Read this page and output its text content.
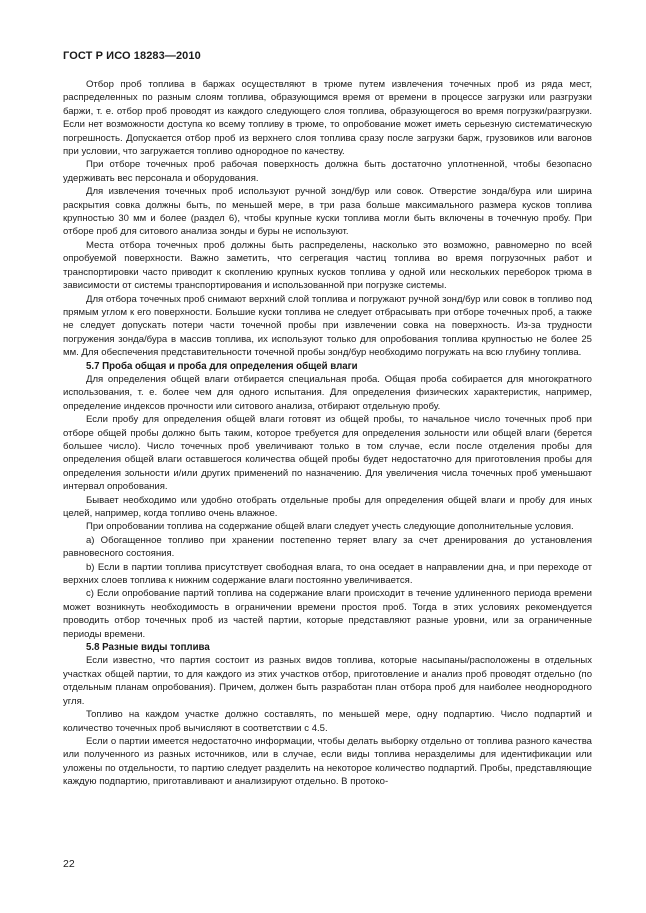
ГОСТ Р ИСО 18283—2010

Отбор проб топлива в баржах осуществляют в трюме путем извлечения точечных проб из ряда мест, распределенных по разным слоям топлива, образующимся время от времени в процессе загрузки или разгрузки баржи, т. е. отбор проб проводят из каждого следующего слоя топлива, образующегося во время погрузки/разгрузки. Если нет возможности доступа ко всему топливу в трюме, то опробование может иметь серьезную систематическую погрешность. Допускается отбор проб из верхнего слоя топлива сразу после загрузки барж, грузовиков или вагонов при условии, что загружается топливо однородное по качеству.

При отборе точечных проб рабочая поверхность должна быть достаточно уплотненной, чтобы безопасно удерживать вес персонала и оборудования.

Для извлечения точечных проб используют ручной зонд/бур или совок. Отверстие зонда/бура или ширина раскрытия совка должны быть, по меньшей мере, в три раза больше максимального размера кусков топлива крупностью 30 мм и более (раздел 6), чтобы крупные куски топлива могли быть включены в точечную пробу. При отборе проб для ситового анализа зонды и буры не используют.

Места отбора точечных проб должны быть распределены, насколько это возможно, равномерно по всей опробуемой поверхности. Важно заметить, что сегрегация частиц топлива во время погрузочных работ и транспортировки часто приводит к скоплению крупных кусков топлива у одной или нескольких переборок трюма в зависимости от системы транспортирования и использованной при погрузке системы.

Для отбора точечных проб снимают верхний слой топлива и погружают ручной зонд/бур или совок в топливо под прямым углом к его поверхности. Большие куски топлива не следует отбрасывать при отборе точечных проб, а также не следует допускать потери части точечной пробы при извлечении совка на поверхность. Из-за трудности погружения зонда/бура в массив топлива, их используют только для опробования топлива крупностью не более 25 мм. Для обеспечения представительности точечной пробы зонд/бур необходимо погружать на всю глубину топлива.

5.7 Проба общая и проба для определения общей влаги

Для определения общей влаги отбирается специальная проба. Общая проба собирается для многократного использования, т. е. более чем для одного испытания. Для определения физических характеристик, например, определение индексов прочности или ситового анализа, отбирают отдельную пробу.

Если пробу для определения общей влаги готовят из общей пробы, то начальное число точечных проб при отборе общей пробы должно быть таким, которое требуется для определения зольности или общей влаги (берется большее число). Число точечных проб увеличивают только в том случае, если после отделения пробы для определения общей влаги оставшегося количества общей пробы будет недостаточно для приготовления пробы для определения зольности и/или других применений по назначению. Для увеличения числа точечных проб уменьшают интервал опробования.

Бывает необходимо или удобно отобрать отдельные пробы для определения общей влаги и пробу для иных целей, например, когда топливо очень влажное.

При опробовании топлива на содержание общей влаги следует учесть следующие дополнительные условия.

a) Обогащенное топливо при хранении постепенно теряет влагу за счет дренирования до установления равновесного состояния.

b) Если в партии топлива присутствует свободная влага, то она оседает в направлении дна, и при переходе от верхних слоев топлива к нижним содержание влаги постоянно увеличивается.

c) Если опробование партий топлива на содержание влаги происходит в течение удлиненного периода времени может возникнуть необходимость в ограничении времени простоя проб. Тогда в этих условиях рекомендуется проводить отбор точечных проб из частей партии, которые представляют разные уровни, или за ограниченные периоды времени.

5.8 Разные виды топлива

Если известно, что партия состоит из разных видов топлива, которые насыпаны/расположены в отдельных участках общей партии, то для каждого из этих участков отбор, приготовление и анализ проб проводят отдельно (по отдельным планам опробования). Причем, должен быть разработан план отбора проб для наиболее неоднородного угля.

Топливо на каждом участке должно составлять, по меньшей мере, одну подпартию. Число подпартий и количество точечных проб вычисляют в соответствии с 4.5.

Если о партии имеется недостаточно информации, чтобы делать выборку отдельно от топлива разного качества или полученного из разных источников, или в случае, если виды топлива неразделимы для идентификации или уложены по отдельности, то партию следует разделить на некоторое количество подпартий. Пробы, представляющие каждую подпартию, приготавливают и анализируют отдельно. В протоко-

22
